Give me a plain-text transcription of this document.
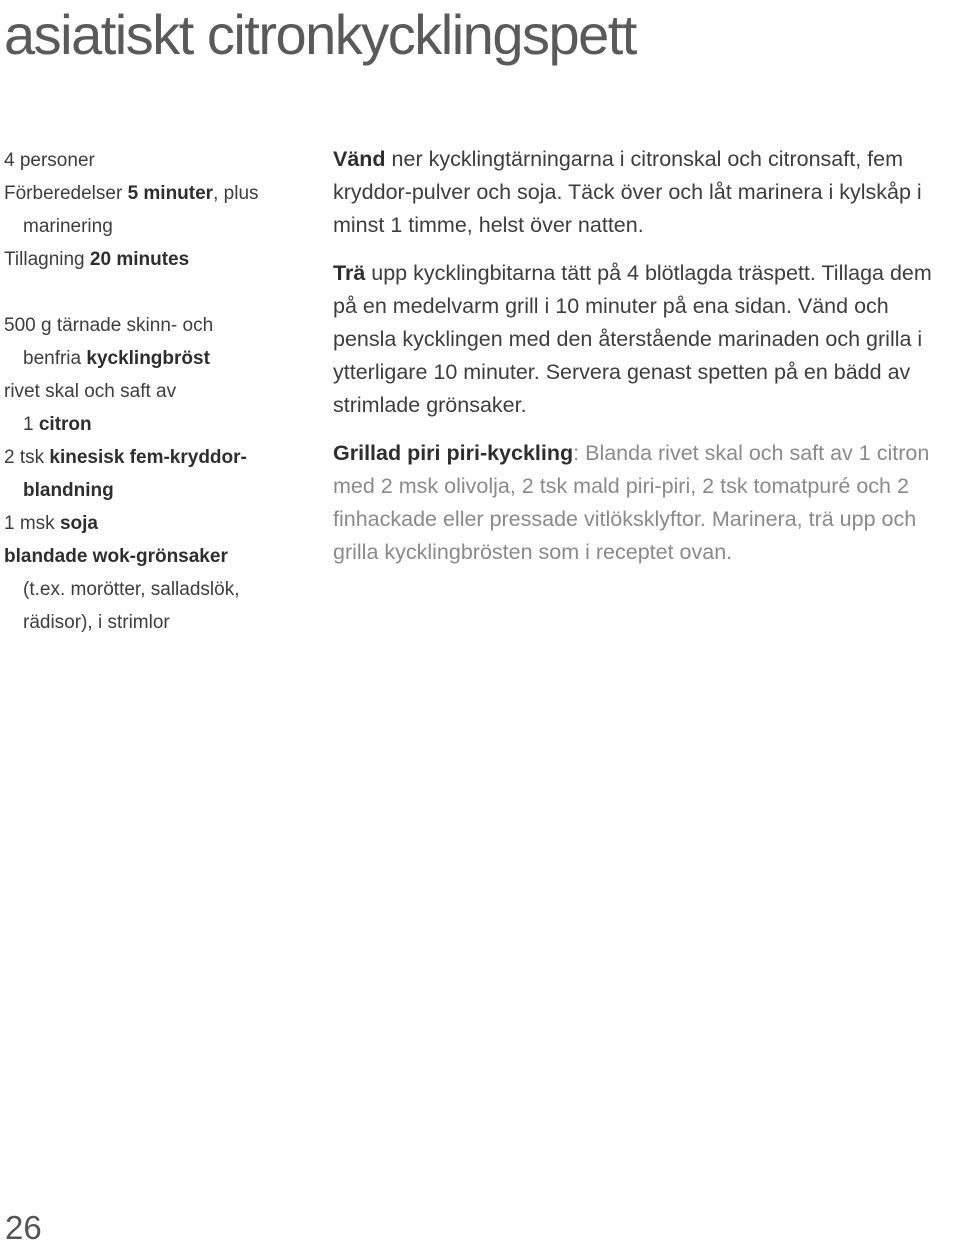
asiatiskt citronkycklingspett
4 personer
Förberedelser 5 minuter, plus
marinering
Tillagning 20 minutes
500 g tärnade skinn- och
benfria kycklingbröst
rivet skal och saft av
1 citron
2 tsk kinesisk fem-kryddor-
blandning
1 msk soja
blandade wok-grönsaker
(t.ex. morötter, salladslök,
rädisor), i strimlor

Vänd ner kycklingtärningarna i citronskal och citronsaft, fem kryddor-pulver och soja. Täck över och låt marinera i kylskåp i minst 1 timme, helst över natten.

Trä upp kycklingbitarna tätt på 4 blötlagda träspett. Tillaga dem på en medelvarm grill i 10 minuter på ena sidan. Vänd och pensla kycklingen med den återstående marinaden och grilla i ytterligare 10 minuter. Servera genast spetten på en bädd av strimlade grönsaker.

Grillad piri piri-kyckling: Blanda rivet skal och saft av 1 citron med 2 msk olivolja, 2 tsk mald piri-piri, 2 tsk tomatpuré och 2 finhackade eller pressade vitlöksklyftor. Marinera, trä upp och grilla kycklingbrösten som i receptet ovan.

26
